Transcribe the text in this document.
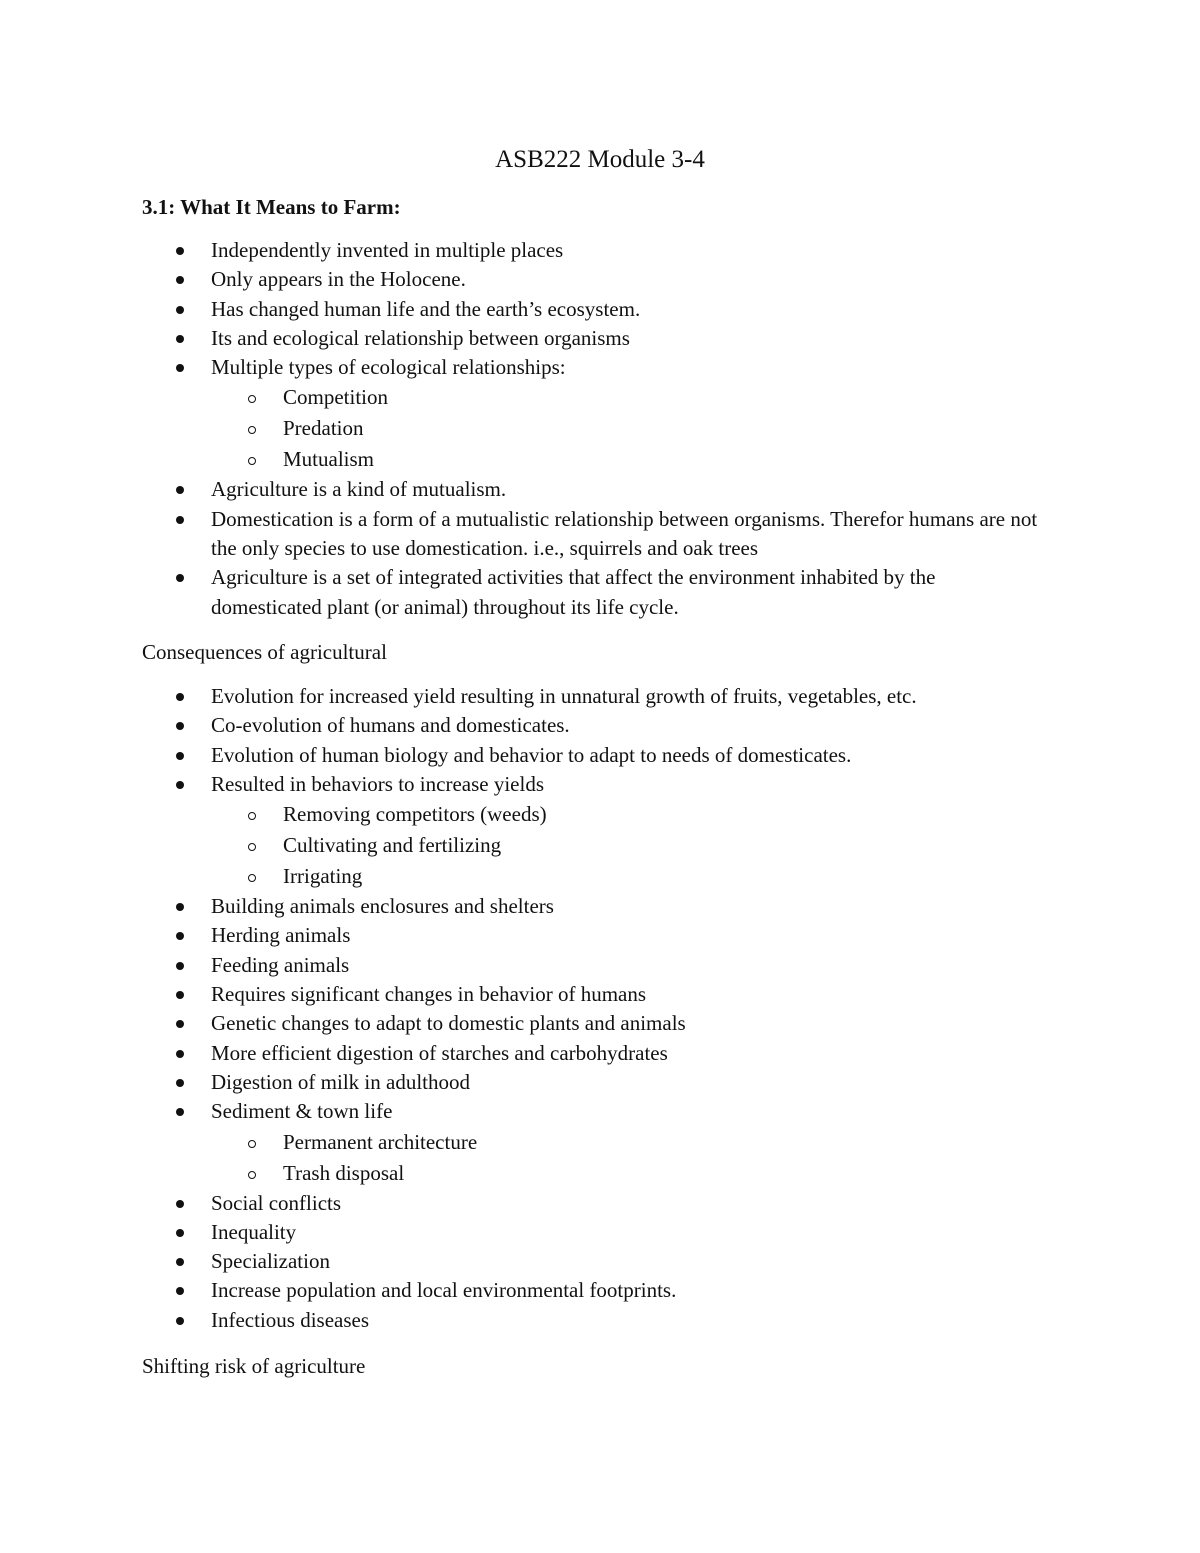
ASB222 Module 3-4
3.1: What It Means to Farm:
Independently invented in multiple places
Only appears in the Holocene.
Has changed human life and the earth’s ecosystem.
Its and ecological relationship between organisms
Multiple types of ecological relationships:
Competition
Predation
Mutualism
Agriculture is a kind of mutualism.
Domestication is a form of a mutualistic relationship between organisms. Therefor humans are not the only species to use domestication. i.e., squirrels and oak trees
Agriculture is a set of integrated activities that affect the environment inhabited by the domesticated plant (or animal) throughout its life cycle.

Consequences of agricultural

Evolution for increased yield resulting in unnatural growth of fruits, vegetables, etc.
Co-evolution of humans and domesticates.
Evolution of human biology and behavior to adapt to needs of domesticates.
Resulted in behaviors to increase yields
Removing competitors (weeds)
Cultivating and fertilizing
Irrigating
Building animals enclosures and shelters
Herding animals
Feeding animals
Requires significant changes in behavior of humans
Genetic changes to adapt to domestic plants and animals
More efficient digestion of starches and carbohydrates
Digestion of milk in adulthood
Sediment & town life
Permanent architecture
Trash disposal
Social conflicts
Inequality
Specialization
Increase population and local environmental footprints.
Infectious diseases

Shifting risk of agriculture
